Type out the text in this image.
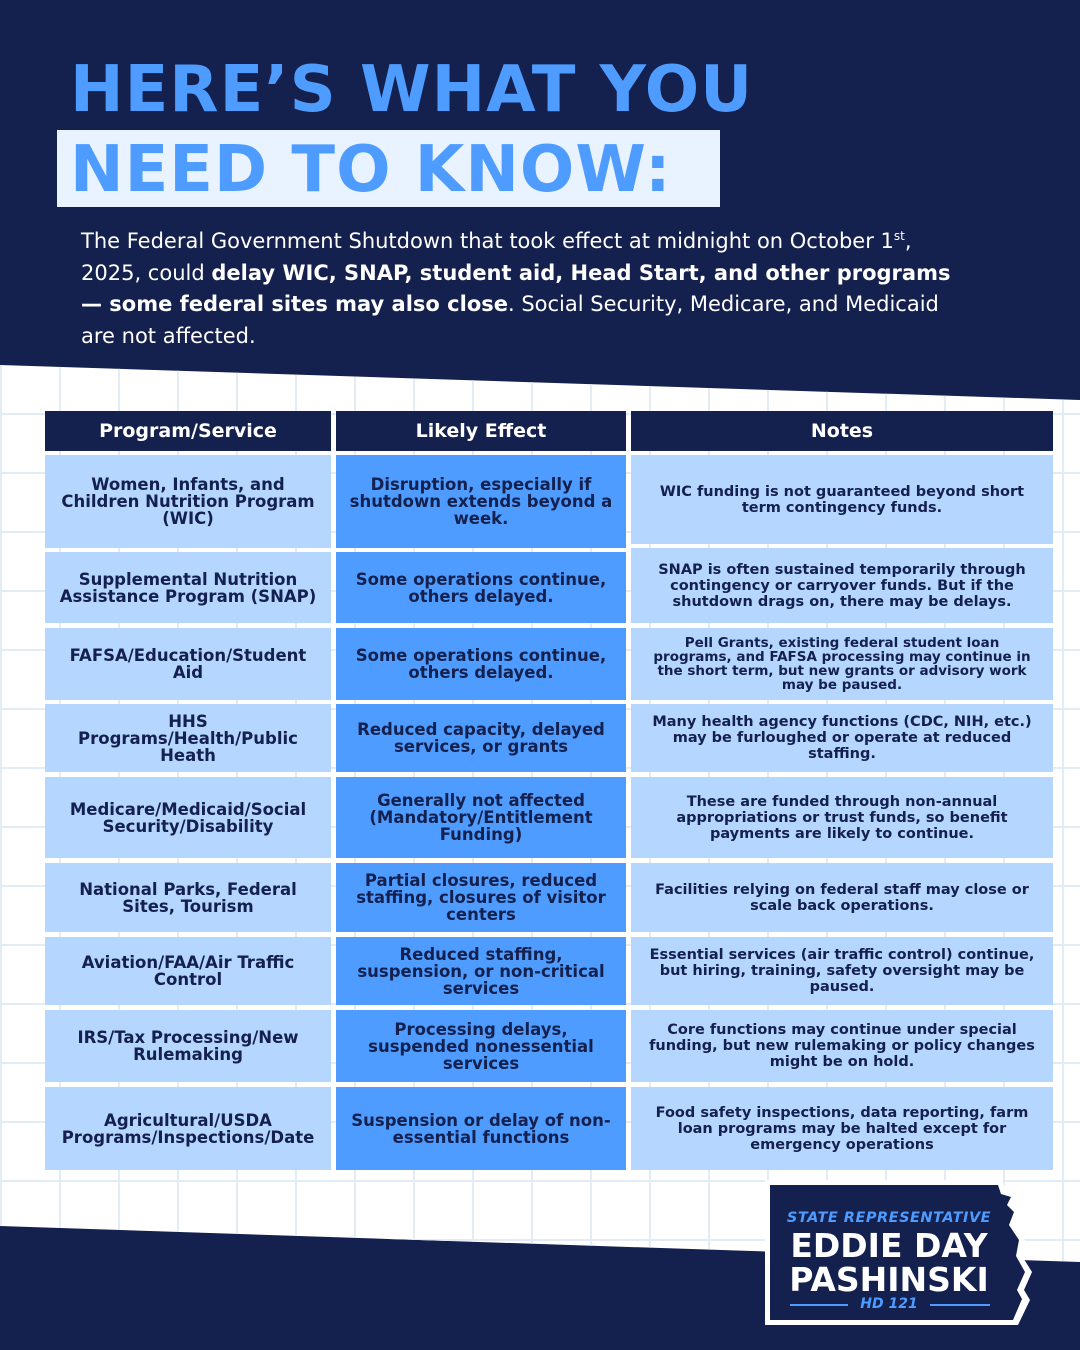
HERE’S WHAT YOU
NEED TO KNOW:

The Federal Government Shutdown that took effect at midnight on October 1st, 2025, could delay WIC, SNAP, student aid, Head Start, and other programs — some federal sites may also close. Social Security, Medicare, and Medicaid are not affected.

Program/Service	Likely Effect	Notes
Women, Infants, and Children Nutrition Program (WIC)
Disruption, especially if shutdown extends beyond a week.
WIC funding is not guaranteed beyond short term contingency funds.
Supplemental Nutrition Assistance Program (SNAP)
Some operations continue, others delayed.
SNAP is often sustained temporarily through contingency or carryover funds. But if the shutdown drags on, there may be delays.
FAFSA/Education/Student Aid
Some operations continue, others delayed.
Pell Grants, existing federal student loan programs, and FAFSA processing may continue in the short term, but new grants or advisory work may be paused.
HHS Programs/Health/Public Heath
Reduced capacity, delayed services, or grants
Many health agency functions (CDC, NIH, etc.) may be furloughed or operate at reduced staffing.
Medicare/Medicaid/Social Security/Disability
Generally not affected (Mandatory/Entitlement Funding)
These are funded through non-annual appropriations or trust funds, so benefit payments are likely to continue.
National Parks, Federal Sites, Tourism
Partial closures, reduced staffing, closures of visitor centers
Facilities relying on federal staff may close or scale back operations.
Aviation/FAA/Air Traffic Control
Reduced staffing, suspension, or non-critical services
Essential services (air traffic control) continue, but hiring, training, safety oversight may be paused.
IRS/Tax Processing/New Rulemaking
Processing delays, suspended nonessential services
Core functions may continue under special funding, but new rulemaking or policy changes might be on hold.
Agricultural/USDA Programs/Inspections/Date
Suspension or delay of non-essential functions
Food safety inspections, data reporting, farm loan programs may be halted except for emergency operations
STATE REPRESENTATIVE
EDDIE DAY
PASHINSKI
HD 121
